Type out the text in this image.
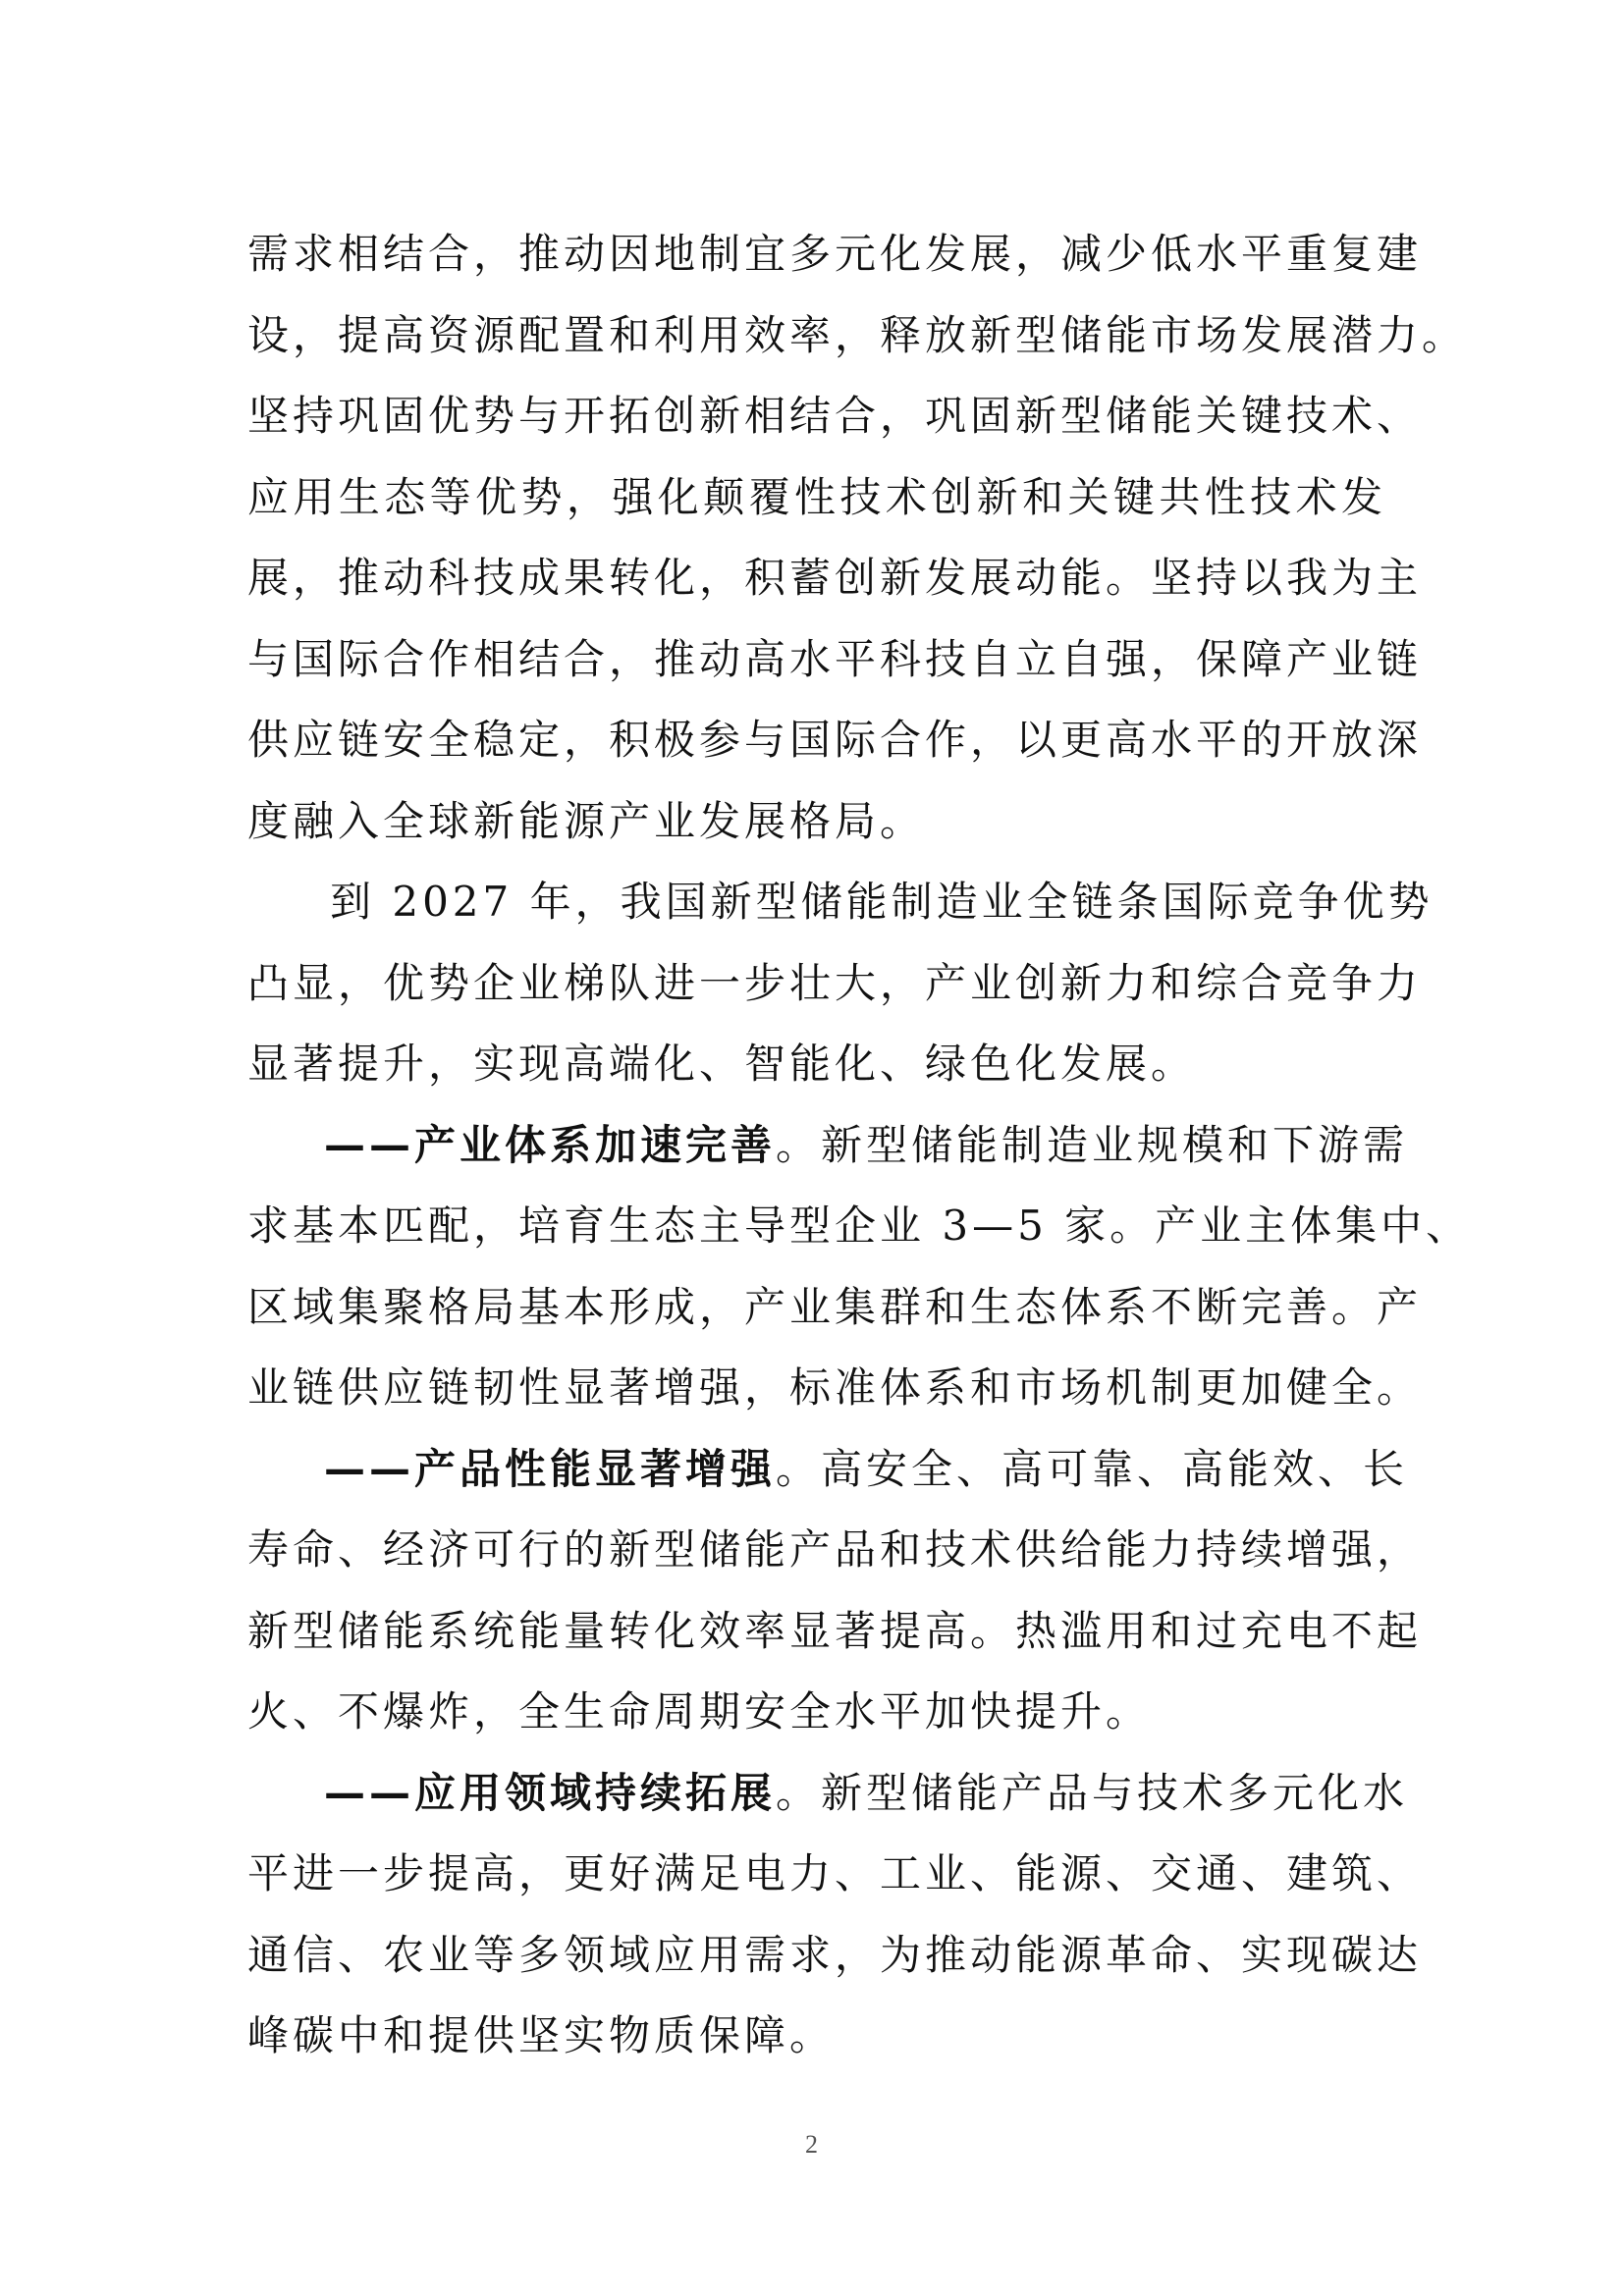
需求相结合，推动因地制宜多元化发展，减少低水平重复建
设，提高资源配置和利用效率，释放新型储能市场发展潜力。
坚持巩固优势与开拓创新相结合，巩固新型储能关键技术、
应用生态等优势，强化颠覆性技术创新和关键共性技术发
展，推动科技成果转化，积蓄创新发展动能。坚持以我为主
与国际合作相结合，推动高水平科技自立自强，保障产业链
供应链安全稳定，积极参与国际合作，以更高水平的开放深
度融入全球新能源产业发展格局。
到 2027 年，我国新型储能制造业全链条国际竞争优势
凸显，优势企业梯队进一步壮大，产业创新力和综合竞争力
显著提升，实现高端化、智能化、绿色化发展。
——产业体系加速完善。新型储能制造业规模和下游需
求基本匹配，培育生态主导型企业 3—5 家。产业主体集中、
区域集聚格局基本形成，产业集群和生态体系不断完善。产
业链供应链韧性显著增强，标准体系和市场机制更加健全。
——产品性能显著增强。高安全、高可靠、高能效、长
寿命、经济可行的新型储能产品和技术供给能力持续增强，
新型储能系统能量转化效率显著提高。热滥用和过充电不起
火、不爆炸，全生命周期安全水平加快提升。
——应用领域持续拓展。新型储能产品与技术多元化水
平进一步提高，更好满足电力、工业、能源、交通、建筑、
通信、农业等多领域应用需求，为推动能源革命、实现碳达
峰碳中和提供坚实物质保障。
2
